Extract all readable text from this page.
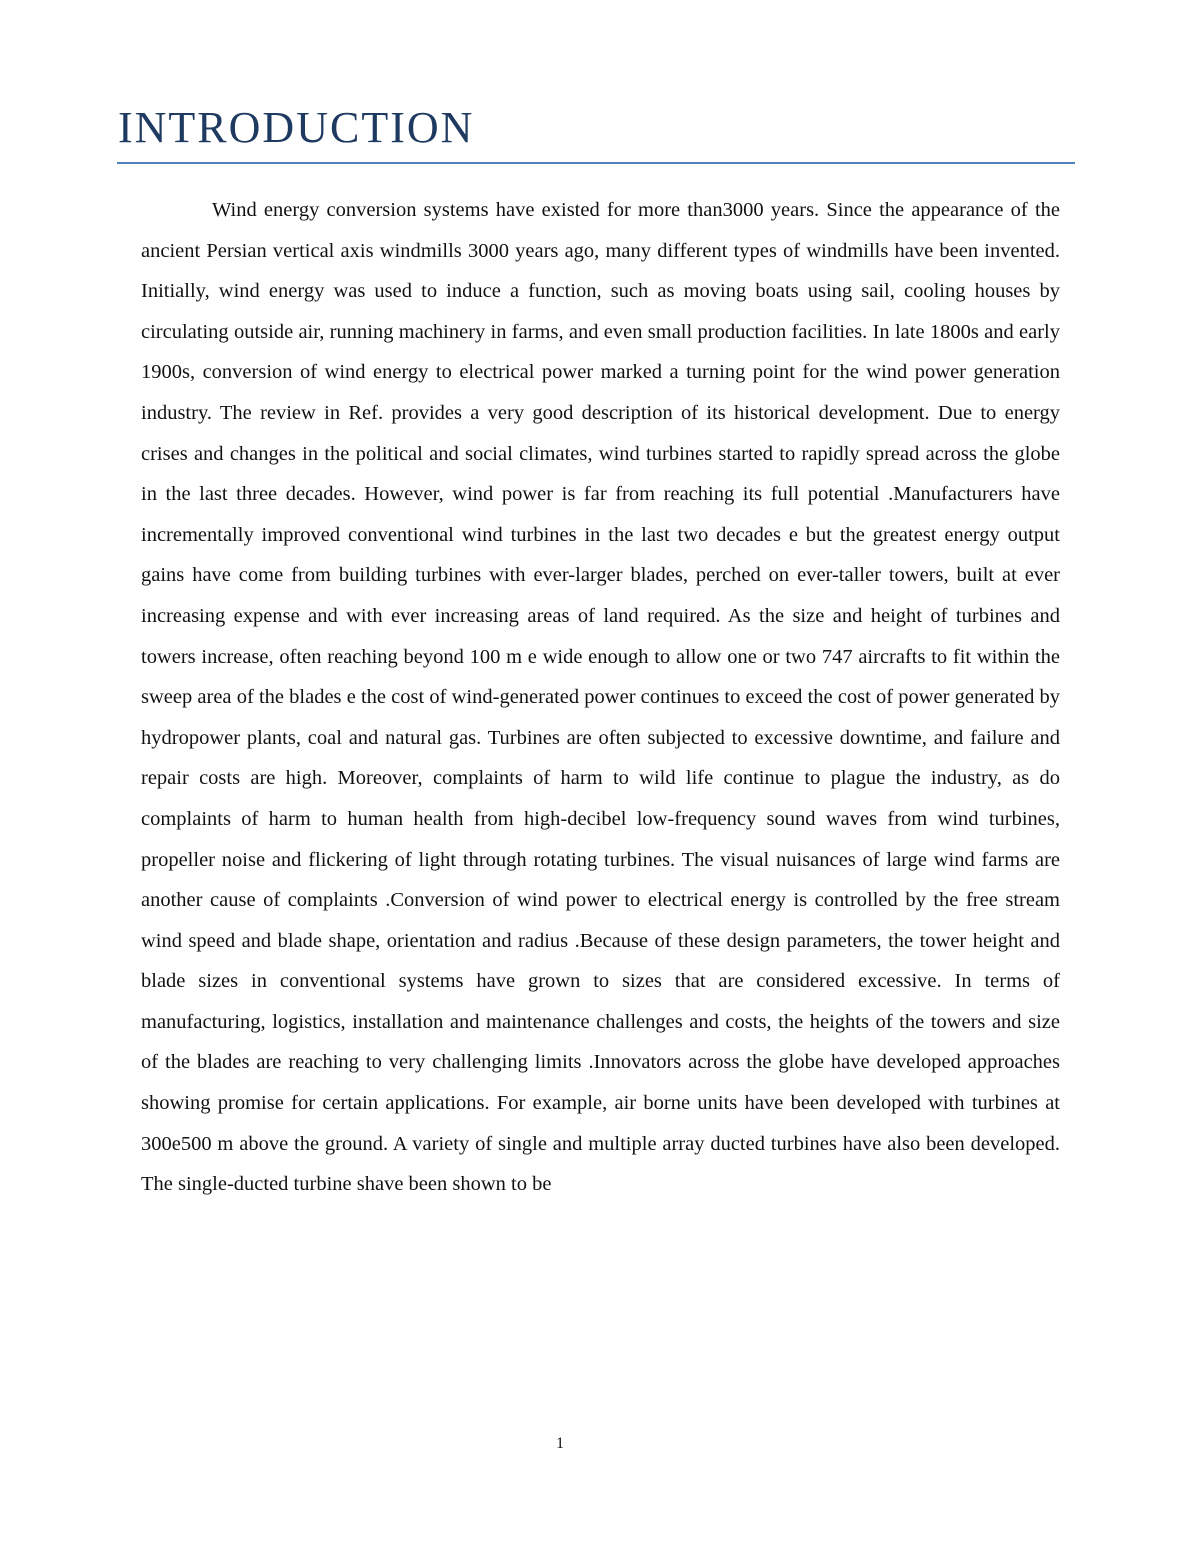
INTRODUCTION

Wind energy conversion systems have existed for more than3000 years. Since the appearance of the ancient Persian vertical axis windmills 3000 years ago, many different types of windmills have been invented. Initially, wind energy was used to induce a function, such as moving boats using sail, cooling houses by circulating outside air, running machinery in farms, and even small production facilities. In late 1800s and early 1900s, conversion of wind energy to electrical power marked a turning point for the wind power generation industry. The review in Ref. provides a very good description of its historical development. Due to energy crises and changes in the political and social climates, wind turbines started to rapidly spread across the globe in the last three decades. However, wind power is far from reaching its full potential .Manufacturers have incrementally improved conventional wind turbines in the last two decades e but the greatest energy output gains have come from building turbines with ever-larger blades, perched on ever-taller towers, built at ever increasing expense and with ever increasing areas of land required. As the size and height of turbines and towers increase, often reaching beyond 100 m e wide enough to allow one or two 747 aircrafts to fit within the sweep area of the blades e the cost of wind-generated power continues to exceed the cost of power generated by hydropower plants, coal and natural gas. Turbines are often subjected to excessive downtime, and failure and repair costs are high. Moreover, complaints of harm to wild life continue to plague the industry, as do complaints of harm to human health from high-decibel low-frequency sound waves from wind turbines, propeller noise and flickering of light through rotating turbines. The visual nuisances of large wind farms are another cause of complaints .Conversion of wind power to electrical energy is controlled by the free stream wind speed and blade shape, orientation and radius .Because of these design parameters, the tower height and blade sizes in conventional systems have grown to sizes that are considered excessive. In terms of manufacturing, logistics, installation and maintenance challenges and costs, the heights of the towers and size of the blades are reaching to very challenging limits .Innovators across the globe have developed approaches showing promise for certain applications. For example, air borne units have been developed with turbines at 300e500 m above the ground. A variety of single and multiple array ducted turbines have also been developed. The single-ducted turbine shave been shown to be

1
